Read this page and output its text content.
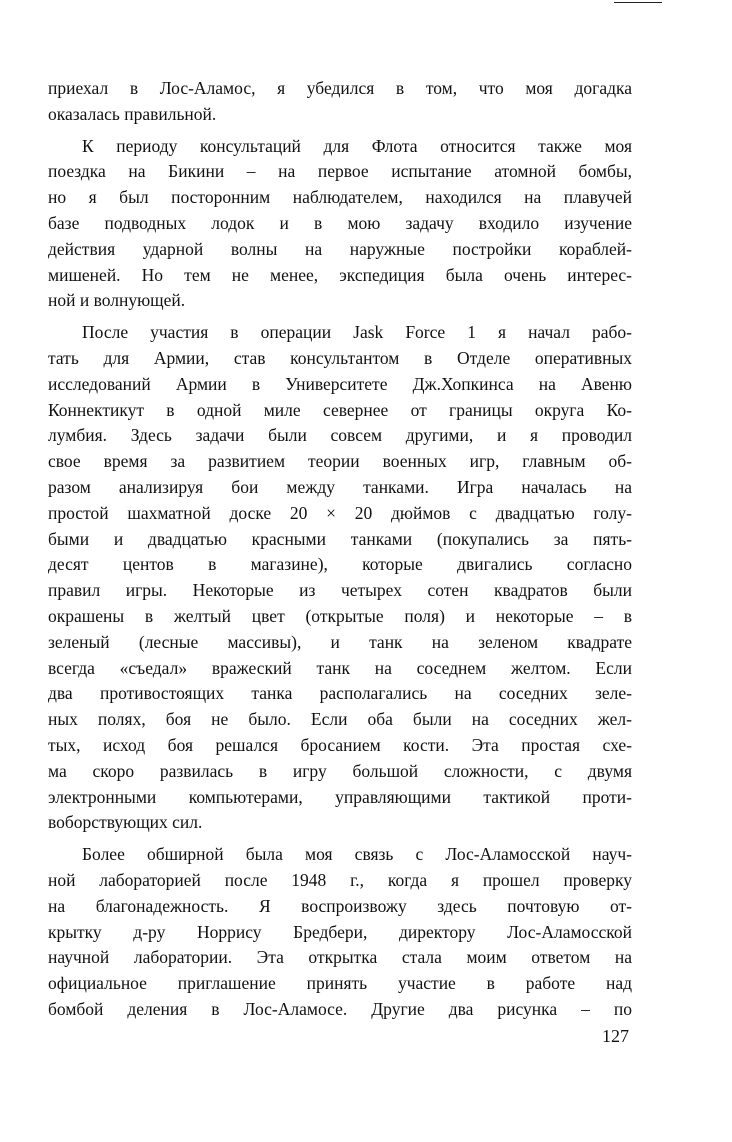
приехал в Лос-Аламос, я убедился в том, что моя догадка
оказалась правильной.

К периоду консультаций для Флота относится также моя
поездка на Бикини – на первое испытание атомной бомбы,
но я был посторонним наблюдателем, находился на плавучей
базе подводных лодок и в мою задачу входило изучение
действия ударной волны на наружные постройки кораблей-
мишеней. Но тем не менее, экспедиция была очень интерес-
ной и волнующей.

После участия в операции Jask Force 1 я начал рабо-
тать для Армии, став консультантом в Отделе оперативных
исследований Армии в Университете Дж.Хопкинса на Авеню
Коннектикут в одной миле севернее от границы округа Ко-
лумбия. Здесь задачи были совсем другими, и я проводил
свое время за развитием теории военных игр, главным об-
разом анализируя бои между танками. Игра началась на
простой шахматной доске 20 × 20 дюймов с двадцатью голу-
быми и двадцатью красными танками (покупались за пять-
десят центов в магазине), которые двигались согласно
правил игры. Некоторые из четырех сотен квадратов были
окрашены в желтый цвет (открытые поля) и некоторые – в
зеленый (лесные массивы), и танк на зеленом квадрате
всегда «съедал» вражеский танк на соседнем желтом. Если
два противостоящих танка располагались на соседних зеле-
ных полях, боя не было. Если оба были на соседних жел-
тых, исход боя решался бросанием кости. Эта простая схе-
ма скоро развилась в игру большой сложности, с двумя
электронными компьютерами, управляющими тактикой проти-
воборствующих сил.

Более обширной была моя связь с Лос-Аламосской науч-
ной лабораторией после 1948 г., когда я прошел проверку
на благонадежность. Я воспроизвожу здесь почтовую от-
крытку д-ру Норрису Бредбери, директору Лос-Аламосской
научной лаборатории. Эта открытка стала моим ответом на
официальное приглашение принять участие в работе над
бомбой деления в Лос-Аламосе. Другие два рисунка – по

127
